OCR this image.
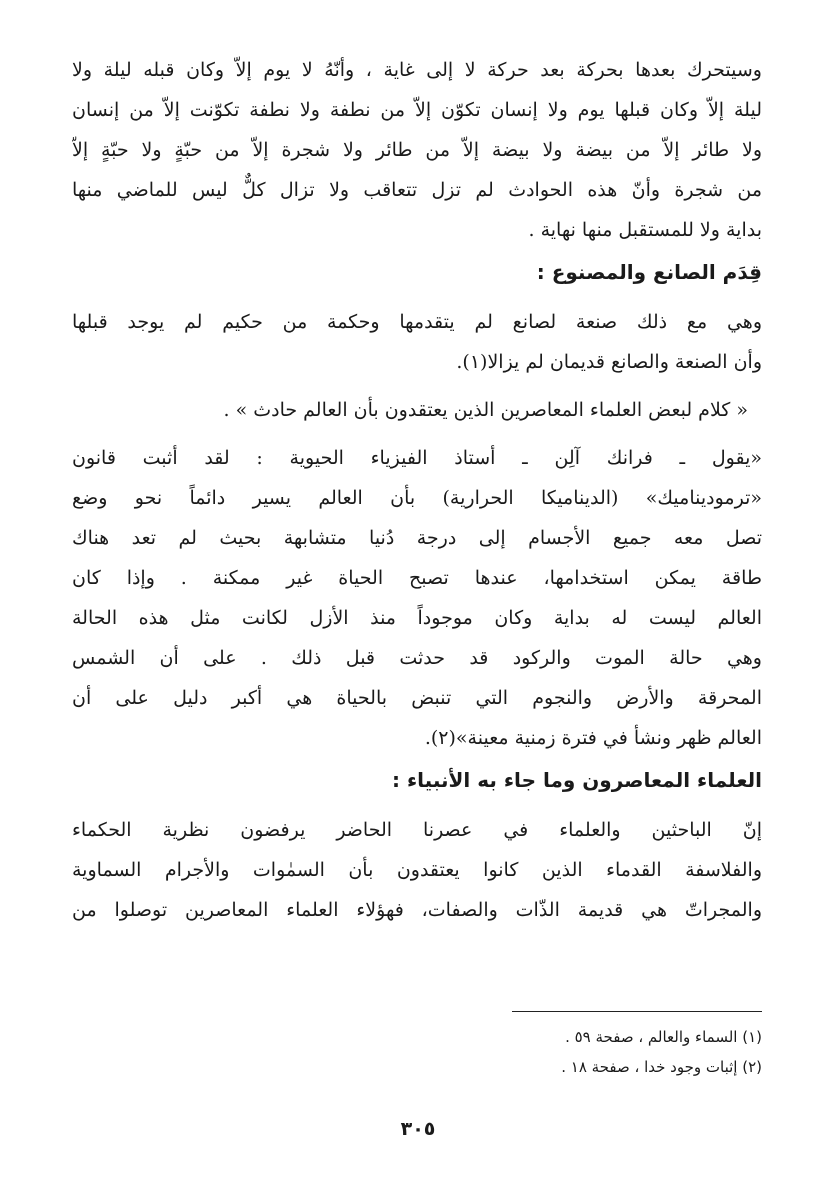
وسيتحرك بعدها بحركة بعد حركة لا إلى غاية ، وأنّهُ لا يوم إلاّ وكان قبله ليلة ولا
ليلة إلاّ وكان قبلها يوم ولا إنسان تكوّن إلاّ من نطفة ولا نطفة تكوّنت إلاّ من إنسان
ولا طائر إلاّ من بيضة ولا بيضة إلاّ من طائر ولا شجرة إلاّ من حبّةٍ ولا حبّةٍ إلاّ
من شجرة وأنّ هذه الحوادث لم تزل تتعاقب ولا تزال كلٌّ ليس للماضي منها
بداية ولا للمستقبل منها نهاية .
قِدَم الصانع والمصنوع :
وهي مع ذلك صنعة لصانع لم يتقدمها وحكمة من حكيم لم يوجد قبلها
وأن الصنعة والصانع قديمان لم يزالا(١).
« كلام لبعض العلماء المعاصرين الذين يعتقدون بأن العالم حادث » .
«يقول ـ فرانك آلِن ـ أستاذ الفيزياء الحيوية : لقد أثبت قانون
«ترموديناميك» (الديناميكا الحرارية) بأن العالم يسير دائماً نحو وضع
تصل معه جميع الأجسام إلى درجة دُنيا متشابهة بحيث لم تعد هناك
طاقة يمكن استخدامها، عندها تصبح الحياة غير ممكنة . وإذا كان
العالم ليست له بداية وكان موجوداً منذ الأزل لكانت مثل هذه الحالة
وهي حالة الموت والركود قد حدثت قبل ذلك . على أن الشمس
المحرقة والأرض والنجوم التي تنبض بالحياة هي أكبر دليل على أن
العالم ظهر ونشأ في فترة زمنية معينة»(٢).
العلماء المعاصرون وما جاء به الأنبياء :
إنّ الباحثين والعلماء في عصرنا الحاضر يرفضون نظرية الحكماء
والفلاسفة القدماء الذين كانوا يعتقدون بأن السمٰوات والأجرام السماوية
والمجراتّ هي قديمة الذّات والصفات، فهؤلاء العلماء المعاصرين توصلوا من
(١) السماء والعالم ، صفحة ٥٩ .
(٢) إثبات وجود خدا ، صفحة ١٨ .
٣٠٥
